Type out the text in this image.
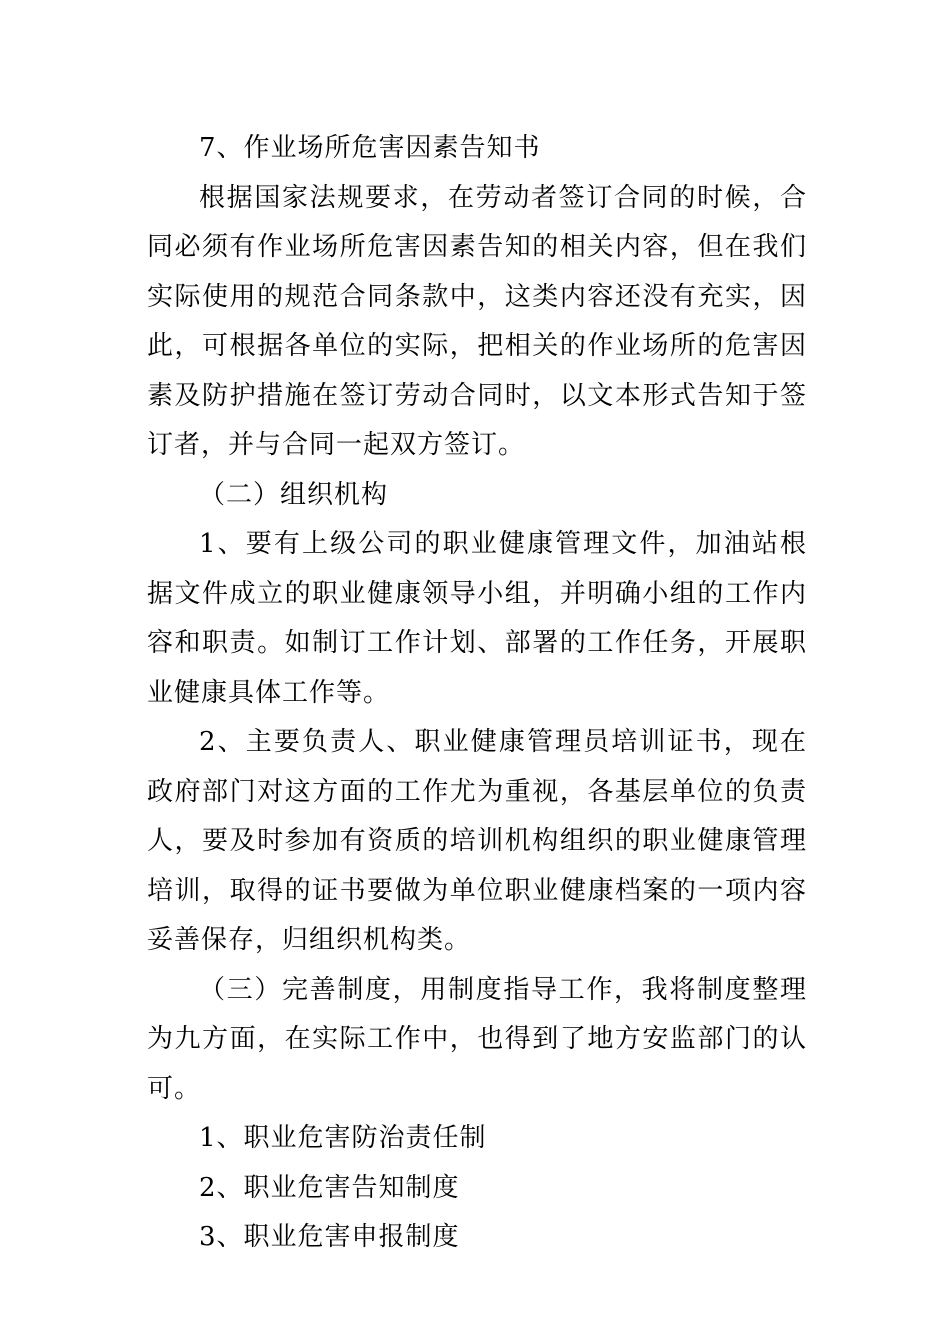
7、作业场所危害因素告知书

根据国家法规要求，在劳动者签订合同的时候，合同必须有作业场所危害因素告知的相关内容，但在我们实际使用的规范合同条款中，这类内容还没有充实，因此，可根据各单位的实际，把相关的作业场所的危害因素及防护措施在签订劳动合同时，以文本形式告知于签订者，并与合同一起双方签订。

（二）组织机构

1、要有上级公司的职业健康管理文件，加油站根据文件成立的职业健康领导小组，并明确小组的工作内容和职责。如制订工作计划、部署的工作任务，开展职业健康具体工作等。

2、主要负责人、职业健康管理员培训证书，现在政府部门对这方面的工作尤为重视，各基层单位的负责人，要及时参加有资质的培训机构组织的职业健康管理培训，取得的证书要做为单位职业健康档案的一项内容妥善保存，归组织机构类。

（三）完善制度，用制度指导工作，我将制度整理为九方面，在实际工作中，也得到了地方安监部门的认可。

1、职业危害防治责任制

2、职业危害告知制度

3、职业危害申报制度
